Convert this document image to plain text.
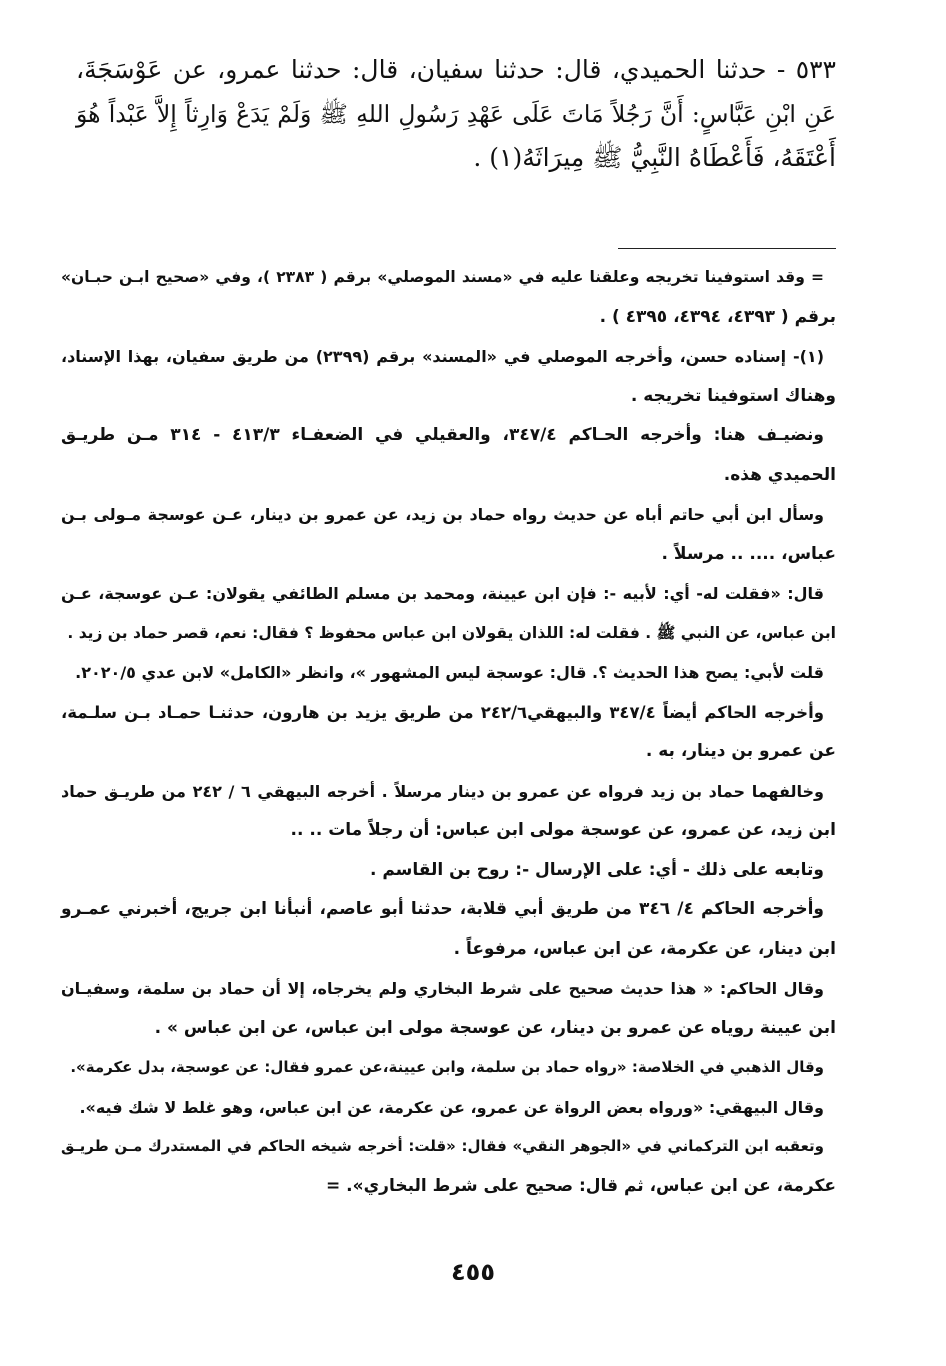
٥٣٣ - حدثنا الحميدي، قال: حدثنا سفيان، قال: حدثنا عمرو، عن عَوْسَجَةَ،
عَنِ ابْنِ عَبَّاسٍ: أَنَّ رَجُلاً مَاتَ عَلَى عَهْدِ رَسُولِ اللهِ ﷺ وَلَمْ يَدَعْ وَارِثاً إِلاَّ عَبْداً هُوَ
أَعْتَقَهُ، فَأَعْطَاهُ النَّبِيُّ ﷺ مِيرَاثَهُ(١) .
= وقد استوفينا تخريجه وعلقنا عليه في «مسند الموصلي» برقم ( ٢٣٨٣ )، وفي «صحيح ابـن حبـان»
برقم ( ٤٣٩٣، ٤٣٩٤، ٤٣٩٥ ) .
(١)- إسناده حسن، وأخرجه الموصلي في «المسند» برقم (٢٣٩٩) من طريق سفيان، بهذا الإسناد،
وهناك استوفينا تخريجه .
ونضيـف هنا: وأخرجه الحـاكم ٣٤٧/٤، والعقيلي في الضعفـاء ٤١٣/٣ - ٣١٤ مـن طريـق
الحميدي هذه.
وسأل ابن أبي حاتم أباه عن حديث رواه حماد بن زيد، عن عمرو بن دينار، عـن عوسجة مـولى بـن
عباس، .... .. مرسلاً .
قال: «فقلت له- أي: لأبيه -: فإن ابن عيينة، ومحمد بن مسلم الطائفي يقولان: عـن عوسجة، عـن
ابن عباس، عن النبي ﷺ . فقلت له: اللذان يقولان ابن عباس محفوظ ؟ فقال: نعم، قصر حماد بن زيد .
قلت لأبي: يصح هذا الحديث ؟. قال: عوسجة ليس المشهور »، وانظر «الكامل» لابن عدي ٢٠٢٠/٥.
وأخرجه الحاكم أيضاً ٣٤٧/٤ والبيهقي٢٤٢/٦ من طريق يزيد بن هارون، حدثنـا حمـاد بـن سلـمة،
عن عمرو بن دينار، به .
وخالفهما حماد بن زيد فرواه عن عمرو بن دينار مرسلاً . أخرجه البيهقي ٦ / ٢٤٢ من طريـق حماد
ابن زيد، عن عمرو، عن عوسجة مولى ابن عباس: أن رجلاً مات .. ..
وتابعه على ذلك - أي: على الإرسال -: روح بن القاسم .
وأخرجه الحاكم ٤/ ٣٤٦ من طريق أبي قلابة، حدثنا أبو عاصم، أنبأنا ابن جريج، أخبرني عمـرو
ابن دينار، عن عكرمة، عن ابن عباس، مرفوعاً .
وقال الحاكم: « هذا حديث صحيح على شرط البخاري ولم يخرجاه، إلا أن حماد بن سلمة، وسفيـان
ابن عيينة روياه عن عمرو بن دينار، عن عوسجة مولى ابن عباس، عن ابن عباس » .
وقال الذهبي في الخلاصة: «رواه حماد بن سلمة، وابن عيينة،عن عمرو فقال: عن عوسجة، بدل عكرمة».
وقال البيهقي: «ورواه بعض الرواة عن عمرو، عن عكرمة، عن ابن عباس، وهو غلط لا شك فيه».
وتعقبه ابن التركماني في «الجوهر النقي» فقال: «قلت: أخرجه شيخه الحاكم في المستدرك مـن طريـق
عكرمة، عن ابن عباس، ثم قال: صحيح على شرط البخاري». =
٤٥٥
